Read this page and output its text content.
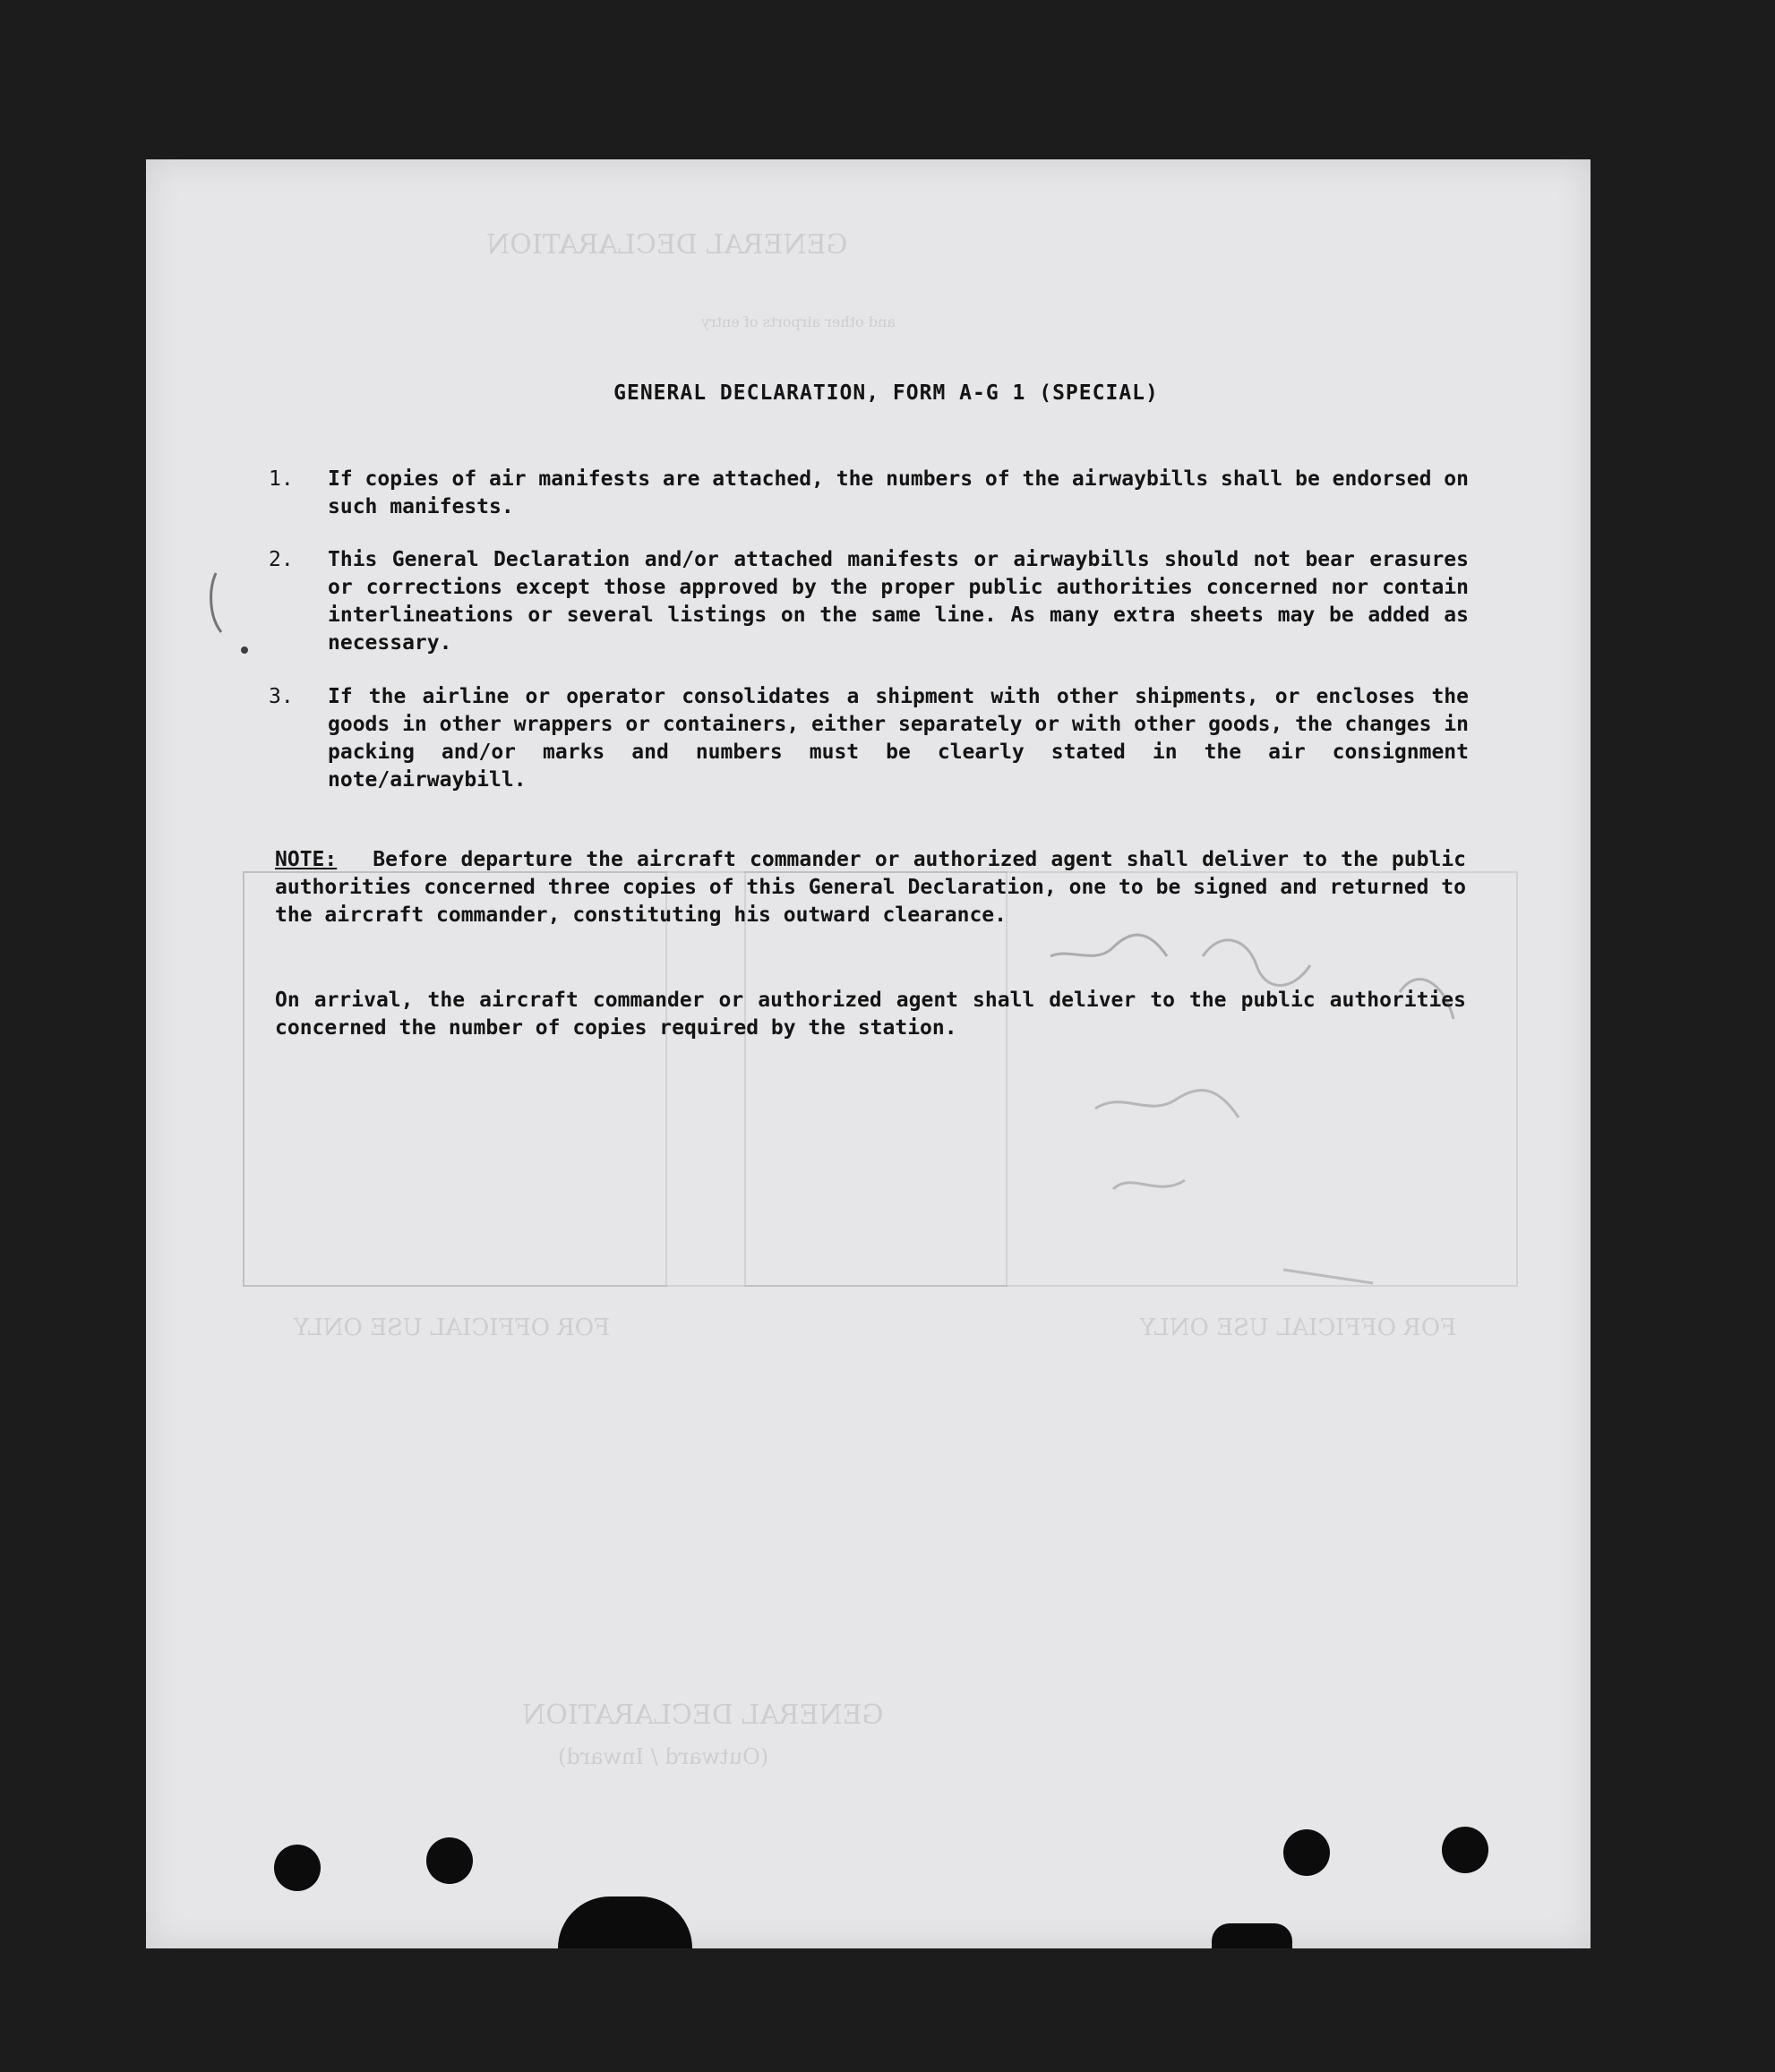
GENERAL DECLARATION
and other airports of entry
FOR OFFICIAL USE ONLY
FOR OFFICIAL USE ONLY
GENERAL DECLARATION
(Outward / Inward)
GENERAL DECLARATION, FORM A-G 1 (SPECIAL)
1.	If copies of air manifests are attached, the numbers of the airwaybills shall be endorsed on such manifests.
2.	This General Declaration and/or attached manifests or airwaybills should not bear erasures or corrections except those approved by the proper public authorities concerned nor contain interlineations or several listings on the same line. As many extra sheets may be added as necessary.
3.	If the airline or operator consolidates a shipment with other shipments, or encloses the goods in other wrappers or containers, either separately or with other goods, the changes in packing and/or marks and numbers must be clearly stated in the air consignment note/airwaybill.
NOTE: Before departure the aircraft commander or authorized agent shall deliver to the public authorities concerned three copies of this General Declaration, one to be signed and returned to the aircraft commander, constituting his outward clearance.
On arrival, the aircraft commander or authorized agent shall deliver to the public authorities concerned the number of copies required by the station.
